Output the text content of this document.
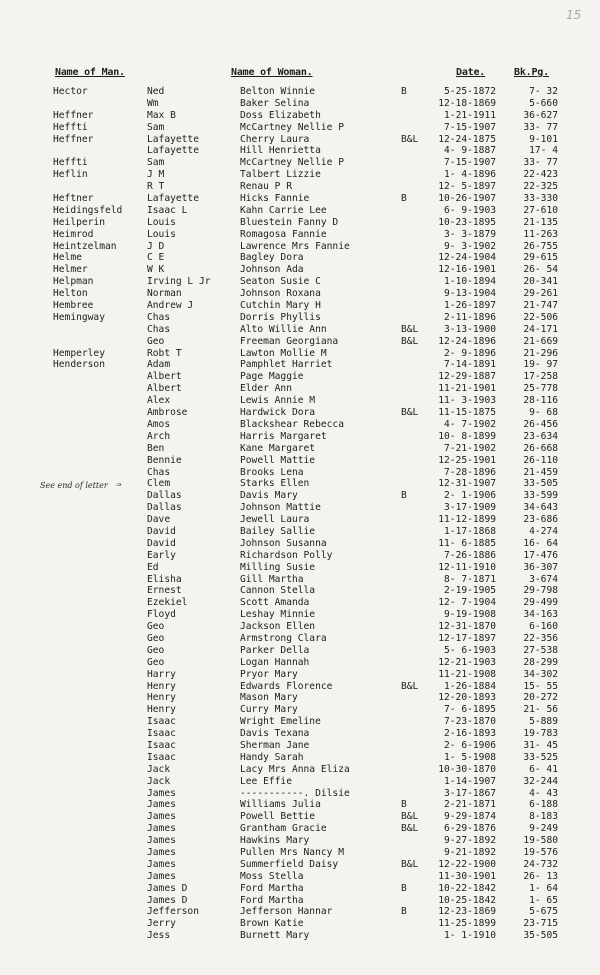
15
Name of Man.	Name of Woman.	Date.	Bk.Pg.
See end of letter ⇒
Hector	Ned	Belton Winnie	B	5-25-1872	7- 32
Wm	Baker Selina	12-18-1869	5-660
Heffner	Max B	Doss Elizabeth	1-21-1911	36-627
Heffti	Sam	McCartney Nellie P	7-15-1907	33- 77
Heffner	Lafayette	Cherry Laura	B&L	12-24-1875	9-101
Lafayette	Hill Henrietta	4- 9-1887	17- 4
Heffti	Sam	McCartney Nellie P	7-15-1907	33- 77
Heflin	J M	Talbert Lizzie	1- 4-1896	22-423
R T	Renau P R	12- 5-1897	22-325
Heftner	Lafayette	Hicks Fannie	B	10-26-1907	33-330
Heidingsfeld	Isaac L	Kahn Carrie Lee	6- 9-1903	27-610
Heilperin	Louis	Bluestein Fanny D	10-23-1895	21-135
Heimrod	Louis	Romagosa Fannie	3- 3-1879	11-263
Heintzelman	J D	Lawrence Mrs Fannie	9- 3-1902	26-755
Helme	C E	Bagley Dora	12-24-1904	29-615
Helmer	W K	Johnson Ada	12-16-1901	26- 54
Helpman	Irving L Jr	Seaton Susie C	1-10-1894	20-341
Helton	Norman	Johnson Roxana	9-13-1904	29-261
Hembree	Andrew J	Cutchin Mary H	1-26-1897	21-747
Hemingway	Chas	Dorris Phyllis	2-11-1896	22-506
Chas	Alto Willie Ann	B&L	3-13-1900	24-171
Geo	Freeman Georgiana	B&L	12-24-1896	21-669
Hemperley	Robt T	Lawton Mollie M	2- 9-1896	21-296
Henderson	Adam	Pamphlet Harriet	7-14-1891	19- 97
Albert	Page Maggie	12-29-1887	17-258
Albert	Elder Ann	11-21-1901	25-778
Alex	Lewis Annie M	11- 3-1903	28-116
Ambrose	Hardwick Dora	B&L	11-15-1875	9- 68
Amos	Blackshear Rebecca	4- 7-1902	26-456
Arch	Harris Margaret	10- 8-1899	23-634
Ben	Kane Margaret	7-21-1902	26-668
Bennie	Powell Mattie	12-25-1901	26-110
Chas	Brooks Lena	7-28-1896	21-459
Clem	Starks Ellen	12-31-1907	33-505
Dallas	Davis Mary	B	2- 1-1906	33-599
Dallas	Johnson Mattie	3-17-1909	34-643
Dave	Jewell Laura	11-12-1899	23-686
David	Bailey Sallie	1-17-1868	4-274
David	Johnson Susanna	11- 6-1885	16- 64
Early	Richardson Polly	7-26-1886	17-476
Ed	Milling Susie	12-11-1910	36-307
Elisha	Gill Martha	8- 7-1871	3-674
Ernest	Cannon Stella	2-19-1905	29-798
Ezekiel	Scott Amanda	12- 7-1904	29-499
Floyd	Leshay Minnie	9-19-1908	34-163
Geo	Jackson Ellen	12-31-1870	6-160
Geo	Armstrong Clara	12-17-1897	22-356
Geo	Parker Della	5- 6-1903	27-538
Geo	Logan Hannah	12-21-1903	28-299
Harry	Pryor Mary	11-21-1908	34-302
Henry	Edwards Florence	B&L	1-26-1884	15- 55
Henry	Mason Mary	12-20-1893	20-272
Henry	Curry Mary	7- 6-1895	21- 56
Isaac	Wright Emeline	7-23-1870	5-889
Isaac	Davis Texana	2-16-1893	19-783
Isaac	Sherman Jane	2- 6-1906	31- 45
Isaac	Handy Sarah	1- 5-1908	33-525
Jack	Lacy Mrs Anna Eliza	10-30-1870	6- 41
Jack	Lee Effie	1-14-1907	32-244
James	-----------. Dilsie	3-17-1867	4- 43
James	Williams Julia	B	2-21-1871	6-188
James	Powell Bettie	B&L	9-29-1874	8-183
James	Grantham Gracie	B&L	6-29-1876	9-249
James	Hawkins Mary	9-27-1892	19-580
James	Pullen Mrs Nancy M	9-21-1892	19-576
James	Summerfield Daisy	B&L	12-22-1900	24-732
James	Moss Stella	11-30-1901	26- 13
James D	Ford Martha	B	10-22-1842	1- 64
James D	Ford Martha	10-25-1842	1- 65
Jefferson	Jefferson Hannar	B	12-23-1869	5-675
Jerry	Brown Katie	11-25-1899	23-715
Jess	Burnett Mary	1- 1-1910	35-505
